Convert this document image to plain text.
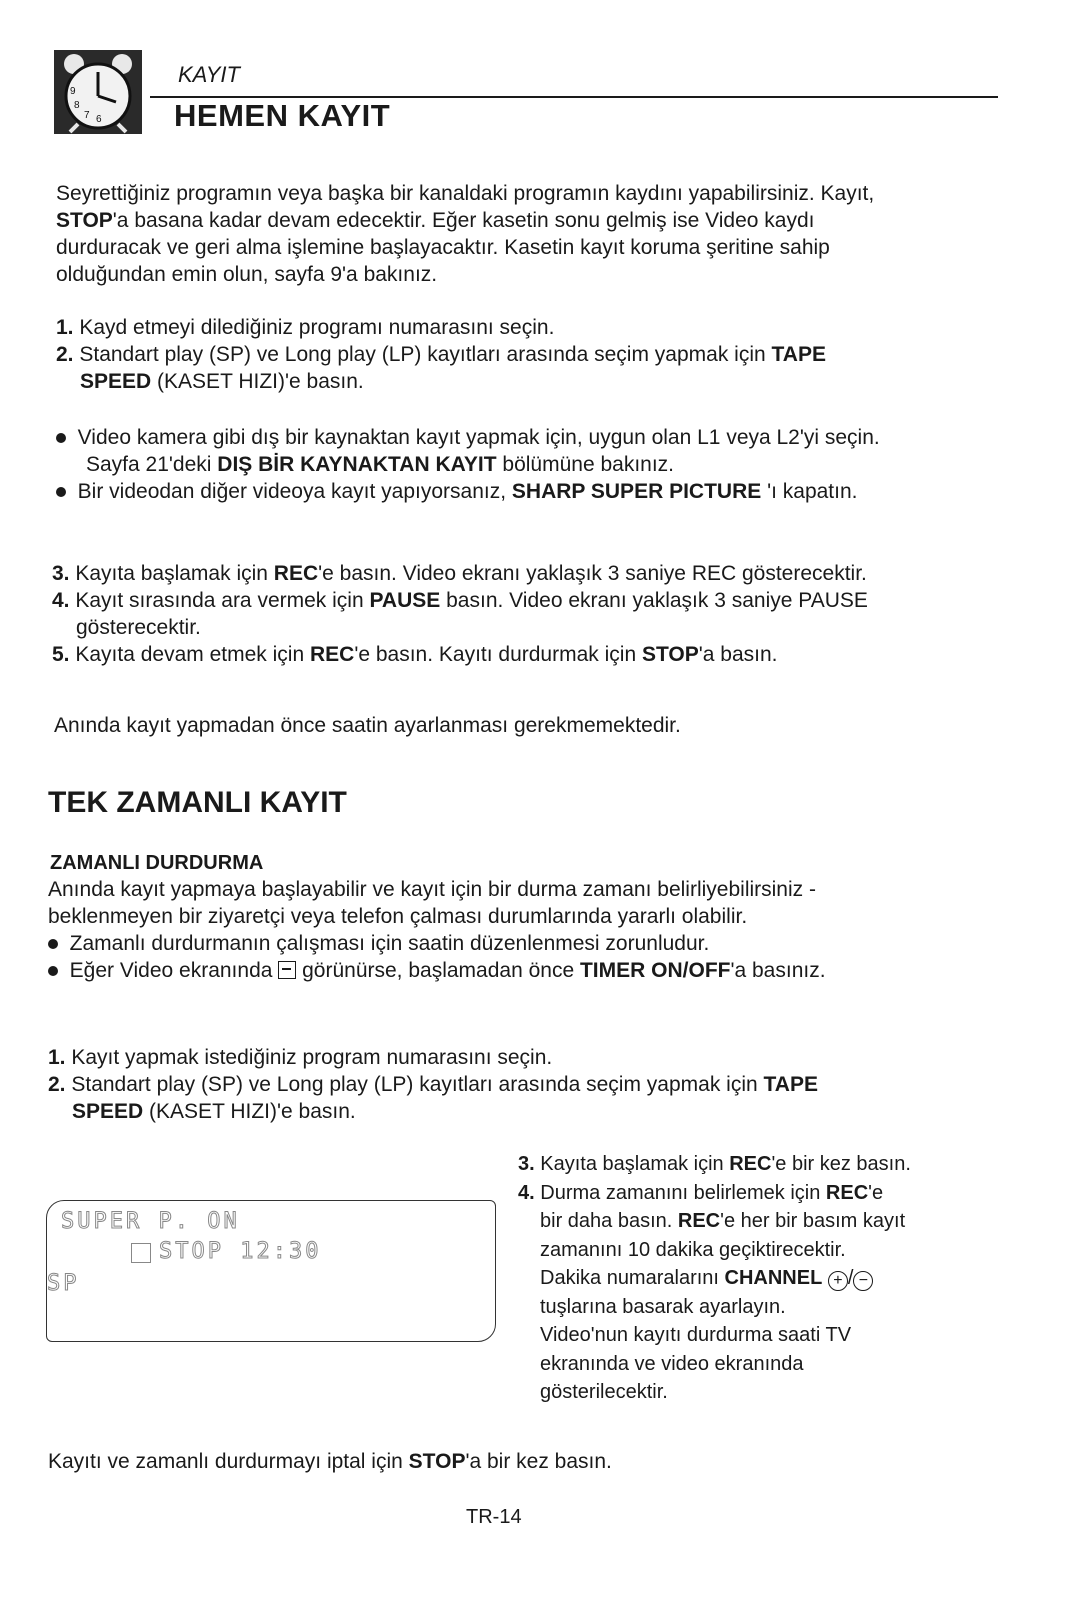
9
8
7 6
KAYIT
HEMEN KAYIT
Seyrettiğiniz programın veya başka bir kanaldaki programın kaydını yapabilirsiniz. Kayıt,
STOP'a basana kadar devam edecektir. Eğer kasetin sonu gelmiş ise Video kaydı
durduracak ve geri alma işlemine başlayacaktır. Kasetin kayıt koruma şeritine sahip
olduğundan emin olun, sayfa 9'a bakınız.
1. Kayd etmeyi dilediğiniz programı numarasını seçin.
2. Standart play (SP) ve Long play (LP) kayıtları arasında seçim yapmak için TAPE
SPEED (KASET HIZI)'e basın.
Video kamera gibi dış bir kaynaktan kayıt yapmak için, uygun olan L1 veya L2'yi seçin.
Sayfa 21'deki DIŞ BİR KAYNAKTAN KAYIT bölümüne bakınız.
Bir videodan diğer videoya kayıt yapıyorsanız, SHARP SUPER PICTURE 'ı kapatın.
3. Kayıta başlamak için REC'e basın. Video ekranı yaklaşık 3 saniye REC gösterecektir.
4. Kayıt sırasında ara vermek için PAUSE basın. Video ekranı yaklaşık 3 saniye PAUSE
gösterecektir.
5. Kayıta devam etmek için REC'e basın. Kayıtı durdurmak için STOP'a basın.
Anında kayıt yapmadan önce saatin ayarlanması gerekmemektedir.
TEK ZAMANLI KAYIT
ZAMANLI DURDURMA
Anında kayıt yapmaya başlayabilir ve kayıt için bir durma zamanı belirliyebilirsiniz -
beklenmeyen bir ziyaretçi veya telefon çalması durumlarında yararlı olabilir.
Zamanlı durdurmanın çalışması için saatin düzenlenmesi zorunludur.
Eğer Video ekranında görünürse, başlamadan önce TIMER ON/OFF'a basınız.
1. Kayıt yapmak istediğiniz program numarasını seçin.
2. Standart play (SP) ve Long play (LP) kayıtları arasında seçim yapmak için TAPE
SPEED (KASET HIZI)'e basın.
SUPER P. ON
STOP 12:30
SP
3. Kayıta başlamak için REC'e bir kez basın.
4. Durma zamanını belirlemek için REC'e
bir daha basın. REC'e her bir basım kayıt
zamanını 10 dakika geçiktirecektir.
Dakika numaralarını CHANNEL + / −
tuşlarına basarak ayarlayın.
Video'nun kayıtı durdurma saati TV
ekranında ve video ekranında
gösterilecektir.
Kayıtı ve zamanlı durdurmayı iptal için STOP'a bir kez basın.
TR-14
